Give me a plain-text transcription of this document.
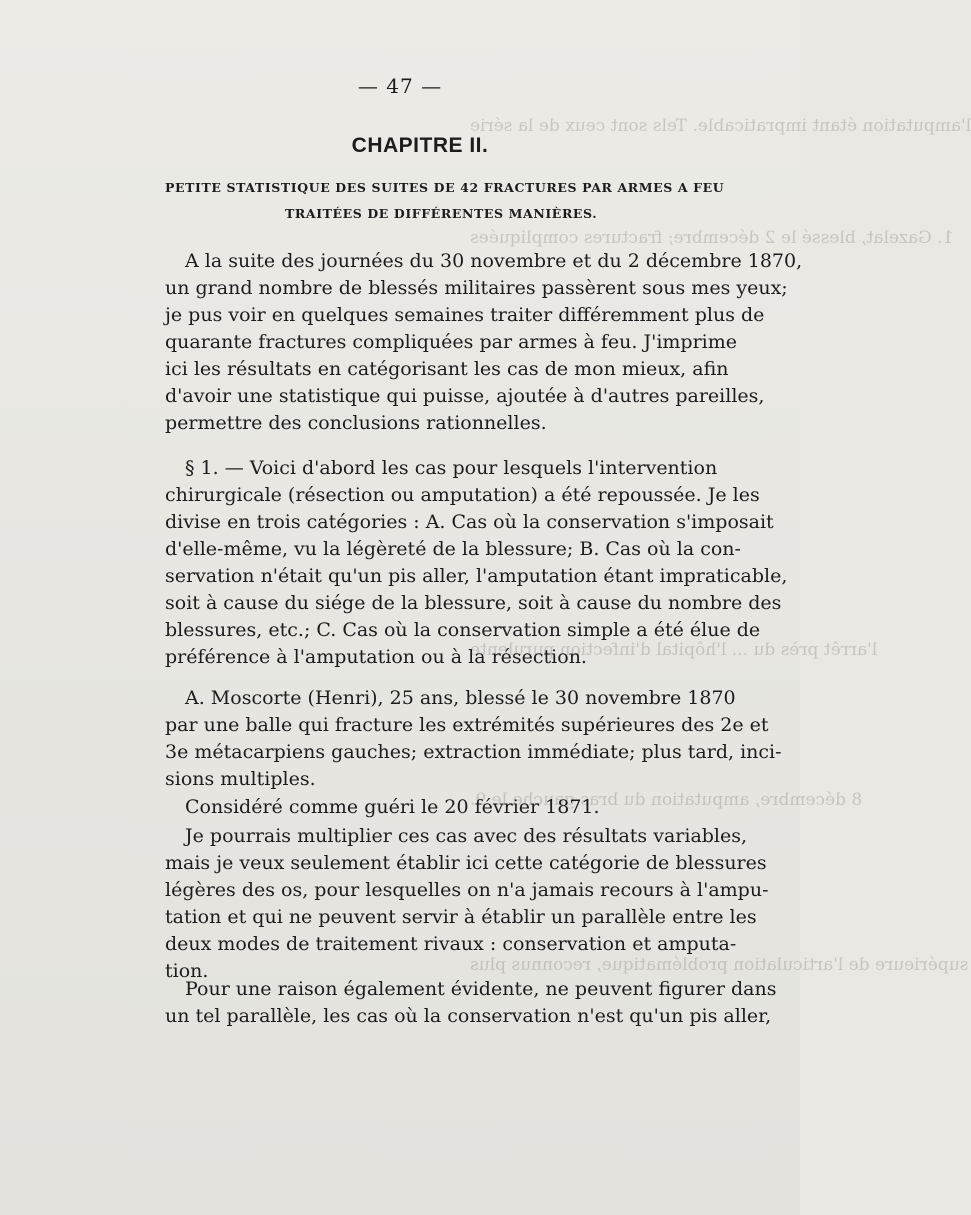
l'amputation étant impraticable. Tels sont ceux de la série
1. Gazelat, blessé le 2 décembre; fractures compliquées
l'arrêt près du ... l'hôpital d'infection purulente
8 décembre, amputation du bras gauche le 9.
supérieure de l'articulation problématique, reconnus plus
— 47 —
CHAPITRE II.
PETITE STATISTIQUE DES SUITES DE 42 FRACTURES PAR ARMES A FEU
TRAITÉES DE DIFFÉRENTES MANIÈRES.
A la suite des journées du 30 novembre et du 2 décembre 1870,
un grand nombre de blessés militaires passèrent sous mes yeux;
je pus voir en quelques semaines traiter différemment plus de
quarante fractures compliquées par armes à feu. J'imprime
ici les résultats en catégorisant les cas de mon mieux, afin
d'avoir une statistique qui puisse, ajoutée à d'autres pareilles,
permettre des conclusions rationnelles.
§ 1. — Voici d'abord les cas pour lesquels l'intervention
chirurgicale (résection ou amputation) a été repoussée. Je les
divise en trois catégories : A. Cas où la conservation s'imposait
d'elle-même, vu la légèreté de la blessure; B. Cas où la con-
servation n'était qu'un pis aller, l'amputation étant impraticable,
soit à cause du siége de la blessure, soit à cause du nombre des
blessures, etc.; C. Cas où la conservation simple a été élue de
préférence à l'amputation ou à la résection.
A. Moscorte (Henri), 25 ans, blessé le 30 novembre 1870
par une balle qui fracture les extrémités supérieures des 2e et
3e métacarpiens gauches; extraction immédiate; plus tard, inci-
sions multiples.
Considéré comme guéri le 20 février 1871.
Je pourrais multiplier ces cas avec des résultats variables,
mais je veux seulement établir ici cette catégorie de blessures
légères des os, pour lesquelles on n'a jamais recours à l'ampu-
tation et qui ne peuvent servir à établir un parallèle entre les
deux modes de traitement rivaux : conservation et amputa-
tion.
Pour une raison également évidente, ne peuvent figurer dans
un tel parallèle, les cas où la conservation n'est qu'un pis aller,
